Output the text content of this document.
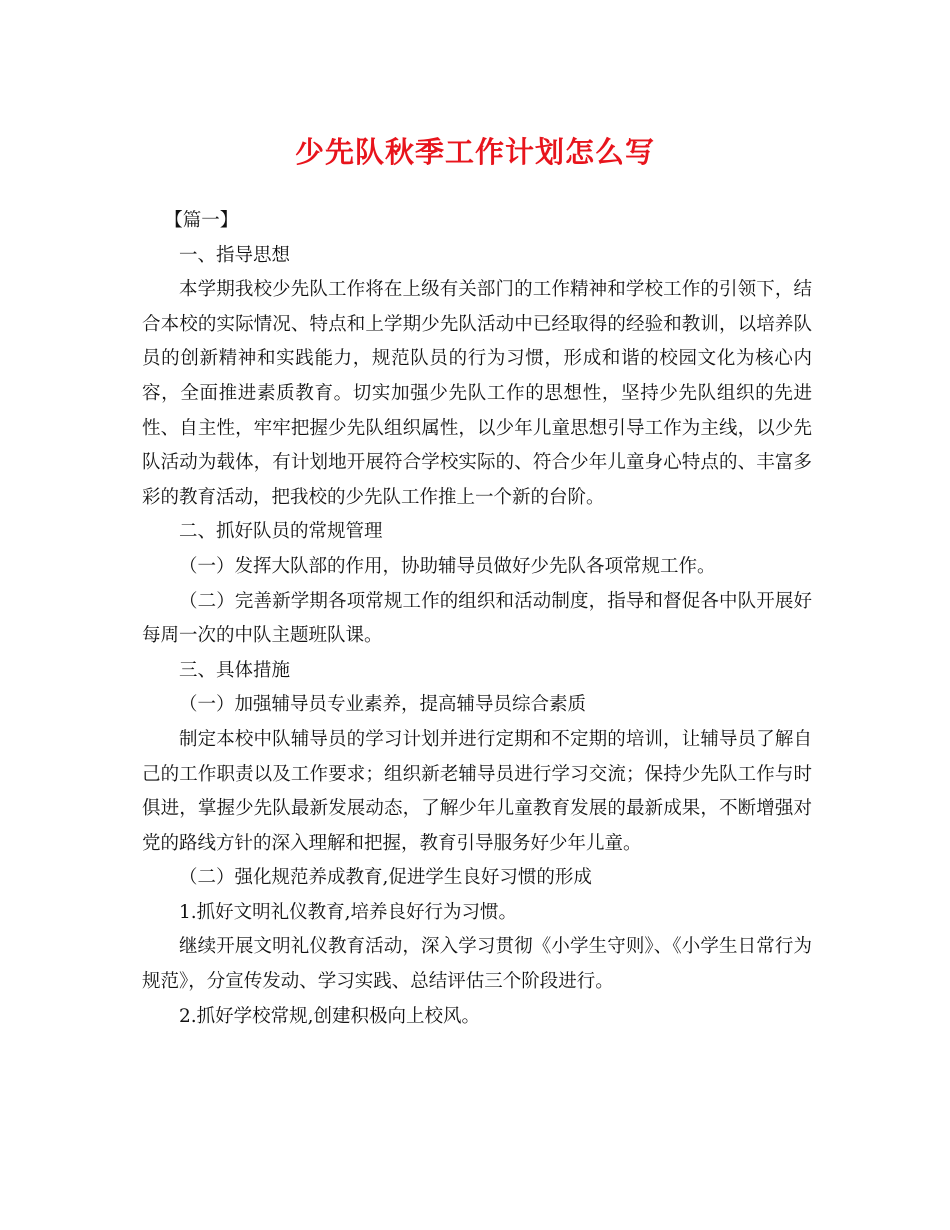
少先队秋季工作计划怎么写

【篇一】

一、指导思想

本学期我校少先队工作将在上级有关部门的工作精神和学校工作的引领下，结合本校的实际情况、特点和上学期少先队活动中已经取得的经验和教训，以培养队员的创新精神和实践能力，规范队员的行为习惯，形成和谐的校园文化为核心内容，全面推进素质教育。切实加强少先队工作的思想性，坚持少先队组织的先进性、自主性，牢牢把握少先队组织属性，以少年儿童思想引导工作为主线，以少先队活动为载体，有计划地开展符合学校实际的、符合少年儿童身心特点的、丰富多彩的教育活动，把我校的少先队工作推上一个新的台阶。

二、抓好队员的常规管理

（一）发挥大队部的作用，协助辅导员做好少先队各项常规工作。

（二）完善新学期各项常规工作的组织和活动制度，指导和督促各中队开展好每周一次的中队主题班队课。

三、具体措施

（一）加强辅导员专业素养，提高辅导员综合素质

制定本校中队辅导员的学习计划并进行定期和不定期的培训，让辅导员了解自己的工作职责以及工作要求；组织新老辅导员进行学习交流；保持少先队工作与时俱进，掌握少先队最新发展动态，了解少年儿童教育发展的最新成果，不断增强对党的路线方针的深入理解和把握，教育引导服务好少年儿童。

（二）强化规范养成教育,促进学生良好习惯的形成

1.抓好文明礼仪教育,培养良好行为习惯。

继续开展文明礼仪教育活动，深入学习贯彻《小学生守则》、《小学生日常行为规范》，分宣传发动、学习实践、总结评估三个阶段进行。

2.抓好学校常规,创建积极向上校风。
